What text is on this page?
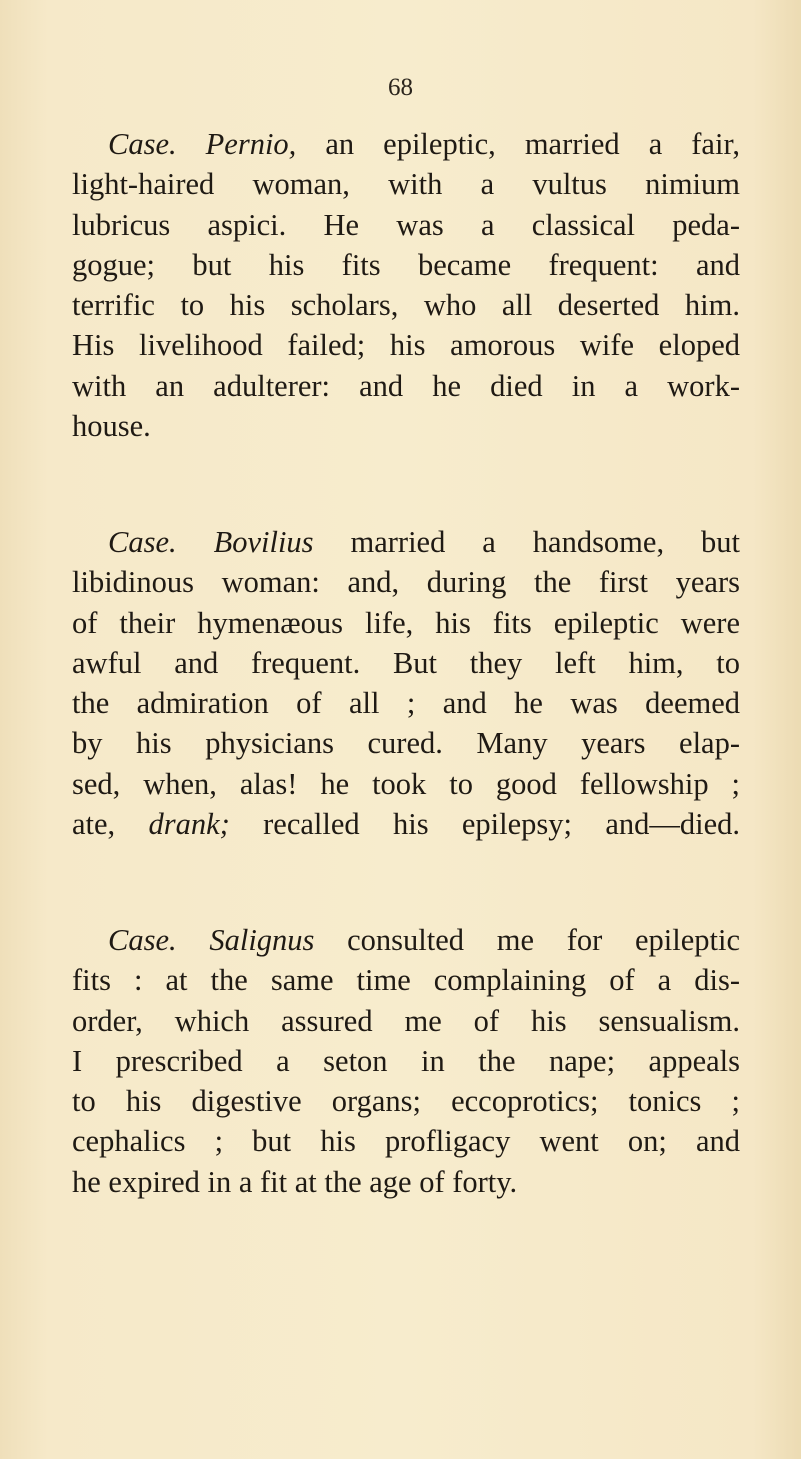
68
Case. Pernio, an epileptic, married a fair,
light-haired woman, with a vultus nimium
lubricus aspici. He was a classical peda-
gogue; but his fits became frequent: and
terrific to his scholars, who all deserted him.
His livelihood failed; his amorous wife eloped
with an adulterer: and he died in a work-
house.
Case. Bovilius married a handsome, but
libidinous woman: and, during the first years
of their hymenæous life, his fits epileptic were
awful and frequent. But they left him, to
the admiration of all ; and he was deemed
by his physicians cured. Many years elap-
sed, when, alas! he took to good fellowship ;
ate, drank; recalled his epilepsy; and—died.
Case. Salignus consulted me for epileptic
fits : at the same time complaining of a dis-
order, which assured me of his sensualism.
I prescribed a seton in the nape; appeals
to his digestive organs; eccoprotics; tonics ;
cephalics ; but his profligacy went on; and
he expired in a fit at the age of forty.
